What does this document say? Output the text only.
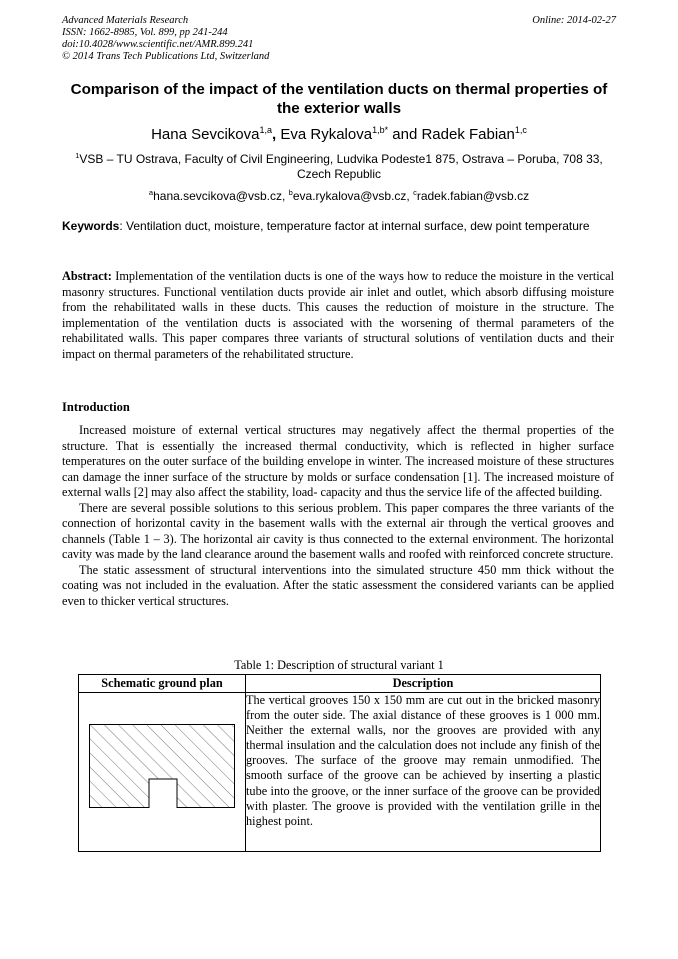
Advanced Materials Research
ISSN: 1662-8985, Vol. 899, pp 241-244
doi:10.4028/www.scientific.net/AMR.899.241
© 2014 Trans Tech Publications Ltd, Switzerland
Online: 2014-02-27
Comparison of the impact of the ventilation ducts on thermal properties of the exterior walls
Hana Sevcikova$^{1,a}$, Eva Rykalova$^{1,b*}$ and Radek Fabian$^{1,c}$
$^1$VSB – TU Ostrava, Faculty of Civil Engineering, Ludvika Podeste1 875, Ostrava – Poruba, 708 33, Czech Republic
$^a$hana.sevcikova@vsb.cz, $^b$eva.rykalova@vsb.cz, $^c$radek.fabian@vsb.cz
Keywords: Ventilation duct, moisture, temperature factor at internal surface, dew point temperature
Abstract: Implementation of the ventilation ducts is one of the ways how to reduce the moisture in the vertical masonry structures. Functional ventilation ducts provide air inlet and outlet, which absorb diffusing moisture from the rehabilitated walls in these ducts. This causes the reduction of moisture in the structure. The implementation of the ventilation ducts is associated with the worsening of thermal parameters of the rehabilitated walls. This paper compares three variants of structural solutions of ventilation ducts and their impact on thermal parameters of the rehabilitated structure.
Introduction

Increased moisture of external vertical structures may negatively affect the thermal properties of the structure. That is essentially the increased thermal conductivity, which is reflected in higher surface temperatures on the outer surface of the building envelope in winter. The increased moisture of these structures can damage the inner surface of the structure by molds or surface condensation [1]. The increased moisture of external walls [2] may also affect the stability, load- capacity and thus the service life of the affected building.

There are several possible solutions to this serious problem. This paper compares the three variants of the connection of horizontal cavity in the basement walls with the external air through the vertical grooves and channels (Table 1 – 3). The horizontal air cavity is thus connected to the external environment. The horizontal cavity was made by the land clearance around the basement walls and roofed with reinforced concrete structure.

The static assessment of structural interventions into the simulated structure 450 mm thick without the coating was not included in the evaluation. After the static assessment the considered variants can be applied even to thicker vertical structures.

Table 1: Description of structural variant 1
Schematic ground plan	Description

	The vertical grooves 150 x 150 mm are cut out in the bricked masonry from the outer side. The axial distance of these grooves is 1 000 mm. Neither the external walls, nor the grooves are provided with any thermal insulation and the calculation does not include any finish of the grooves. The surface of the groove may remain unmodified. The smooth surface of the groove can be achieved by inserting a plastic tube into the groove, or the inner surface of the groove can be provided with plaster. The groove is provided with the ventilation grille in the highest point.
